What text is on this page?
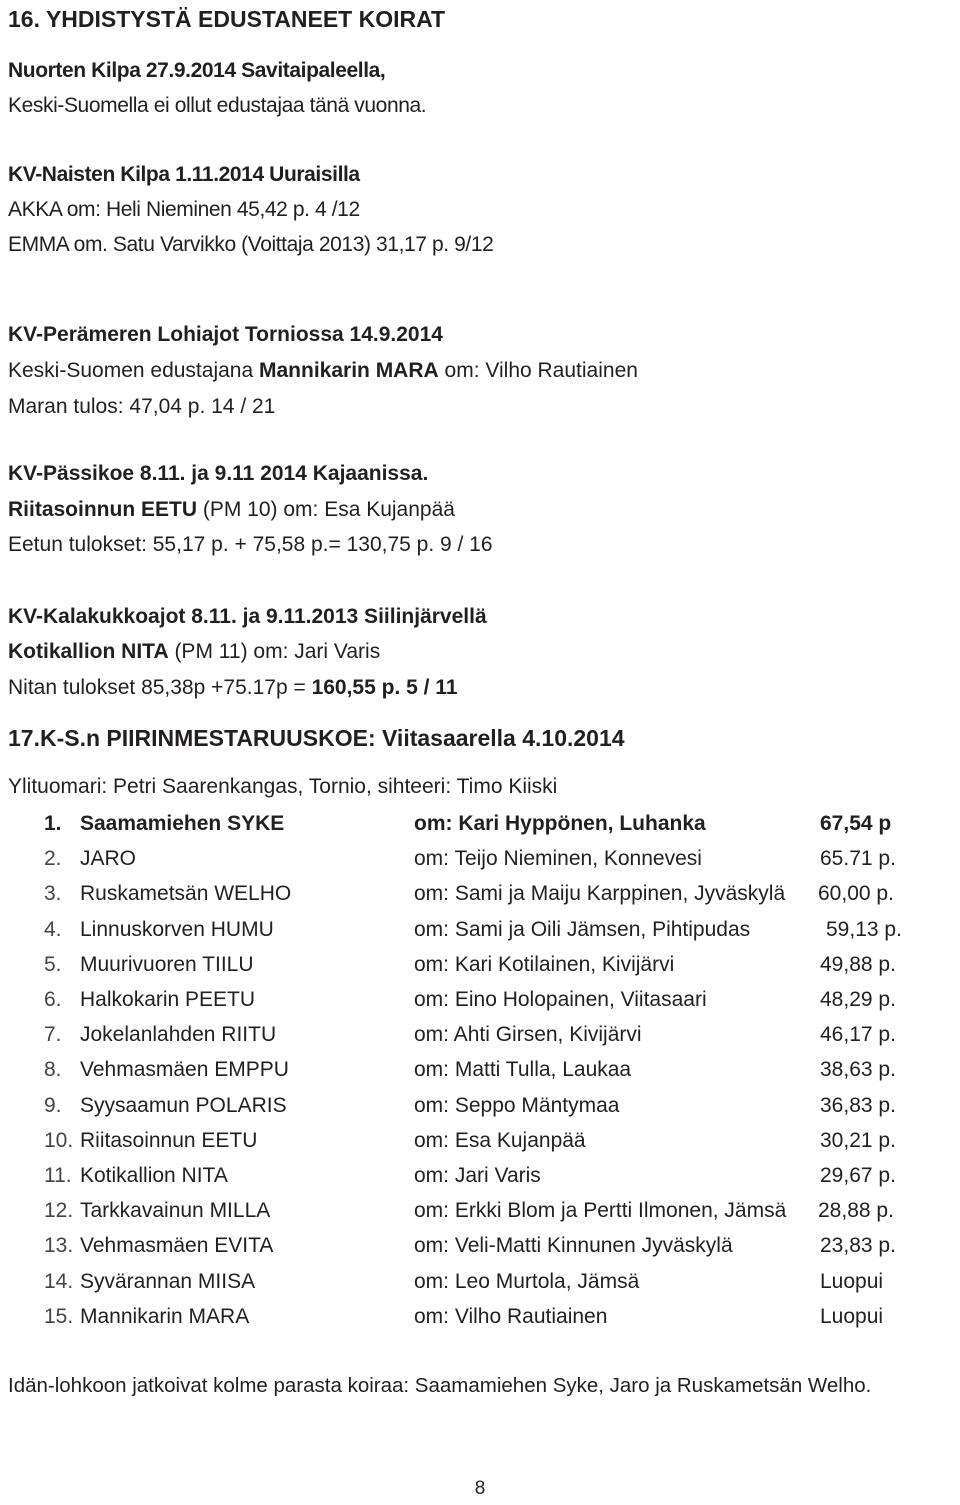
16. YHDISTYSTÄ EDUSTANEET KOIRAT
Nuorten Kilpa 27.9.2014 Savitaipaleella,
Keski-Suomella ei ollut edustajaa tänä vuonna.
KV-Naisten Kilpa 1.11.2014 Uuraisilla
AKKA om: Heli Nieminen 45,42 p. 4 /12
EMMA om. Satu Varvikko (Voittaja 2013) 31,17 p. 9/12
KV-Perämeren Lohiajot Torniossa 14.9.2014
Keski-Suomen edustajana Mannikarin MARA om: Vilho Rautiainen
Maran tulos: 47,04 p. 14 / 21
KV-Pässikoe 8.11. ja 9.11 2014 Kajaanissa.
Riitasoinnun EETU (PM 10) om: Esa Kujanpää
Eetun tulokset: 55,17 p. + 75,58 p.= 130,75 p. 9 / 16
KV-Kalakukkoajot 8.11. ja 9.11.2013 Siilinjärvellä
Kotikallion NITA (PM 11) om: Jari Varis
Nitan tulokset 85,38p +75.17p = 160,55 p. 5 / 11
17.K-S.n PIIRINMESTARUUSKOE: Viitasaarella 4.10.2014
Ylituomari: Petri Saarenkangas, Tornio, sihteeri: Timo Kiiski
1. Saamamiehen SYKE	om: Kari Hyppönen, Luhanka	67,54 p
2. JARO	om: Teijo Nieminen, Konnevesi	65.71 p.
3. Ruskametsän WELHO	om: Sami ja Maiju Karppinen, Jyväskylä 60,00 p.
4. Linnuskorven HUMU	om: Sami ja Oili Jämsen, Pihtipudas	59,13 p.
5. Muurivuoren TIILU	om: Kari Kotilainen, Kivijärvi	49,88 p.
6. Halkokarin PEETU	om: Eino Holopainen, Viitasaari	48,29 p.
7. Jokelanlahden RIITU	om: Ahti Girsen, Kivijärvi	46,17 p.
8. Vehmasmäen EMPPU	om: Matti Tulla, Laukaa	38,63 p.
9. Syysaamun POLARIS	om: Seppo Mäntymaa	36,83 p.
10. Riitasoinnun EETU	om: Esa Kujanpää	30,21 p.
11. Kotikallion NITA	om: Jari Varis	29,67 p.
12. Tarkkavainun MILLA	om: Erkki Blom ja Pertti Ilmonen, Jämsä 28,88 p.
13. Vehmasmäen EVITA	om: Veli-Matti Kinnunen Jyväskylä	23,83 p.
14. Syvärannan MIISA	om: Leo Murtola, Jämsä	Luopui
15. Mannikarin MARA	om: Vilho Rautiainen	Luopui
Idän-lohkoon jatkoivat kolme parasta koiraa: Saamamiehen Syke, Jaro ja Ruskametsän Welho.
8
